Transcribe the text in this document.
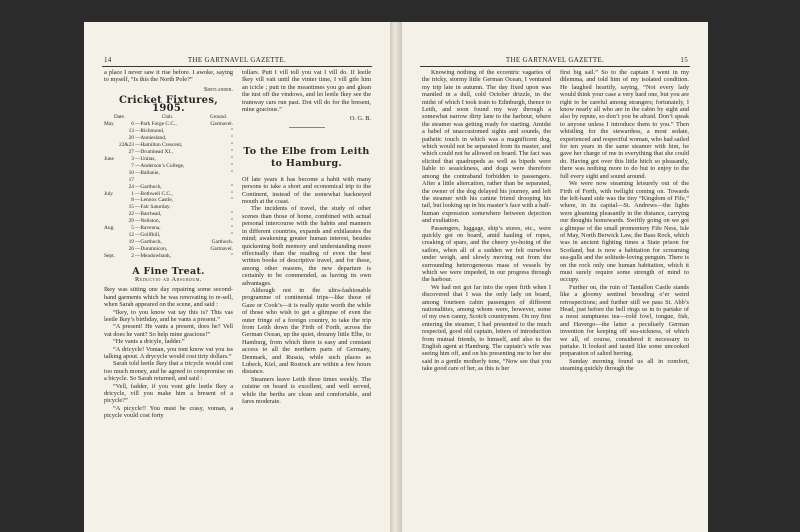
14	THE GARTNAVEL GAZETTE.

a place I never saw it rise before. I awoke, saying to myself, “Is this the North Pole?”

Shetlander.
Cricket Fixtures, 1905.
Date.	Club.	Ground.
May	6	—Park Forge C.C.,	Gartnavel.
	13	—Richmond,	”
	20	—Anniesland,	”
	22&23	—Hamilton Crescent,	”
	27	—Drumhead XI.,	”
June	3	—Unitas,	”
	7	—Anderson’s College,	”
	10	—Ballanie,	”
	17		
	24	—Garthoch,	”
July	1	—Bothwell C.C.,	”
	8	—Lennox Castle,	”
	15	—Fair Saturday.	
	22	—Barrhead,	”
	29	—Neilston,	”
Aug.	5	—Ravenna,	”
	12	—Gollfhill,	”
	19	—Garthoch,	Garthoch.
	26	—Dunmnicon,	Gartnavel.
Sept.	2	—Meadowbank,	”
A Fine Treat.
Reductio ad Absurdum.

Ikey was sitting one day repairing some second-hand garments which he was renovating to re-sell, when Sarah appeared on the scene, and said :

“Ikey, to you know vat tay this is? This vas leetle Ikey’s birthday, and he vants a present.”

“A present! He vants a present, does he? Vell vat does he vant? So help mine gracious!”

“He vants a dricyle, fadder.”

“A dricycle! Voman, you tont know vat you iss talking apout. A drycycle would cost tirty dollars.”

Sarah told leetle Ikey that a tricycle would cost too much money, and he agreed to compromise on a bicycle. So Sarah returned, and said :

“Vell, fadder, if you vont gife leetle Ikey a dricycle, vill you make him a bresent of a picycle?”

“A picycle!! You must be crasy, voman, a picycle vould cost forty

tollars. Putt I vill toll you vat I vill do. If leetle Ikey vill vait until the vinter time, I vill gife him an icicle ; putt in the meantimes you go and glean the tust off the vindows, and let leetle Ikey see the tramway cars run past. Dot vill do for the bresent, mine gracious.”

O. G. B.
To the Elbe from Leith
to Hamburg.

Of late years it has become a habit with many persons to take a short and economical trip to the Continent, instead of the somewhat hackneyed mouth at the coast.

The incidents of travel, the study of other scenes than those of home, combined with actual personal intercourse with the habits and manners in different countries, expands and exhilarates the mind; awakening greater human interest, besides quickening both memory and understanding more effectually than the reading of even the best written books of descriptive travel, and for these, among other reasons, the new departure is certainly to be commended, as having its own advantages.

Although not in the ultra-fashionable programme of continental trips—like those of Gaze or Cook’s—it is really quite worth the while of those who wish to get a glimpse of even the outer fringe of a foreign country, to take the trip from Leith down the Firth of Forth, across the German Ocean, up the quiet, dreamy little Elbe, to Hamburg, from which there is easy and constant access to all the northern parts of Germany, Denmark, and Russia, while such places as Lubeck, Kiel, and Rostock are within a few hours distance.

Steamers leave Leith three times weekly. The cuisine on board is excellent, and well served, while the berths are clean and comfortable, and fares moderate.

THE GARTNAVEL GAZETTE.	15

Knowing nothing of the eccentric vagaries of the tricky, stormy little German Ocean, I ventured my trip late in autumn. The day fixed upon was mantled in a dull, cold October drizzle, in the midst of which I took train to Edinburgh, thence to Leith, and soon found my way through a somewhat narrow dirty lane to the harbour, where the steamer was getting ready for starting. Amidst a babel of unaccustomed sights and sounds, the pathetic touch in which was a magnificent dog, which would not be separated from its master, and which could not be allowed on board. The fact was elicited that quadrupeds as well as bipeds were liable to seasickness, and dogs were therefore among the contraband forbidden to passengers. After a little altercation, rather than be separated, the owner of the dog delayed his journey, and left the steamer with his canine friend drooping his tail, but looking up in his master’s face with a half-human expression somewhere between dejection and exultation.

Passengers, luggage, ship’s stores, etc., were quickly got on board, amid hauling of ropes, creaking of spars, and the cheery yo-hoing of the sailors, when all of a sudden we felt ourselves under weigh, and slowly moving out from the surrounding heterogeneous mass of vessels by which we were impeded, in our progress through the harbour.

We had not got far into the open firth when I discovered that I was the only lady on board, among fourteen cabin passengers of different nationalities, among whom were, however, some of my own canny, Scotch countrymen. On my first entering the steamer, I had presented to the much respected, good old captain, letters of introduction from mutual friends, to himself, and also to the English agent at Hamburg. The captain’s wife was seeing him off, and on his presenting me to her she said in a gentle motherly tone, “Now see that you take good care of her, as this is her

first big sail.” So to the captain I went in my dilemma, and told him of my isolated condition. He laughed heartily, saying, “Not every lady would think your case a very hard one, but you are right to be careful among strangers; fortunately, I know nearly all who are in the cabin by sight and also by repute, so don’t you be afraid. Don’t speak to anyone unless I introduce them to you.” Then whistling for the stewardess, a most sedate, experienced and respectful woman, who had sailed for ten years in the same steamer with him, he gave her charge of me in everything that she could do. Having got over this little hitch so pleasantly, there was nothing more to do but to enjoy to the full every sight and sound around.

We were now steaming leisurely out of the Firth of Forth, with twilight coming on. Towards the left-hand side was the tiny “Kingdom of Fife,” where, in its capital—St. Andrews—the lights were gleaming pleasantly in the distance, carrying our thoughts homewards. Swiftly going on we got a glimpse of the small promontory Fife Ness, Isle of May, North Berwick Law, the Bass Rock, which was in ancient fighting times a State prison for Scotland, but is now a habitation for screaming sea-gulls and the solitude-loving penguin. There is on the rock only one human habitation, which it must surely require some strength of mind to occupy.

Further on, the ruin of Tantallon Castle stands like a gloomy sentinel brooding o’er weird retrospections; and further still we pass St. Abb’s Head, just before the bell rings us in to partake of a most sumptuous tea—cold fowl, tongue, fish, and Havergo—the latter a peculiarly German invention for keeping off sea-sickness, of which we all, of course, considered it necessary to partake. It looked and tasted like some uncooked preparation of salted herring.

Sunday morning found us all in comfort, steaming quickly through the
